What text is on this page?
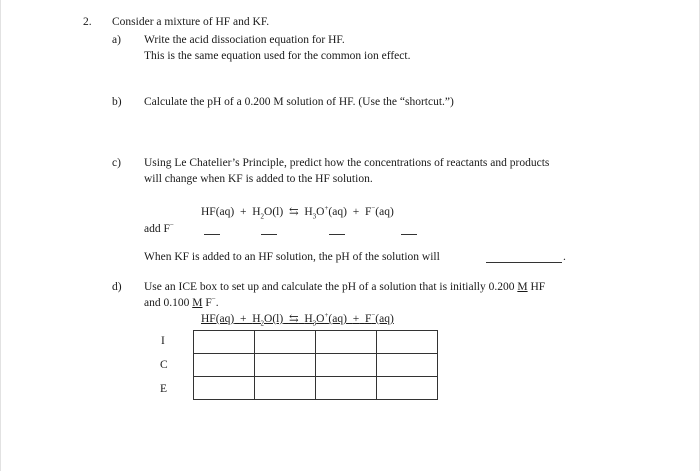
2. Consider a mixture of HF and KF.
a) Write the acid dissociation equation for HF.
This is the same equation used for the common ion effect.
b) Calculate the pH of a 0.200 M solution of HF. (Use the “shortcut.”)
c) Using Le Chatelier’s Principle, predict how the concentrations of reactants and products
will change when KF is added to the HF solution.
$HF(aq) + H_2O(l)$ ⇆ $H_3O^+(aq) + F^-(aq)$
add F−
When KF is added to an HF solution, the pH of the solution will	.
d) Use an ICE box to set up and calculate the pH of a solution that is initially 0.200 M HF
and 0.100 M F−.
$HF(aq) + H_2O(l)$ ⇆ $H_3O^+(aq) + F^-(aq)$
I
C
E
